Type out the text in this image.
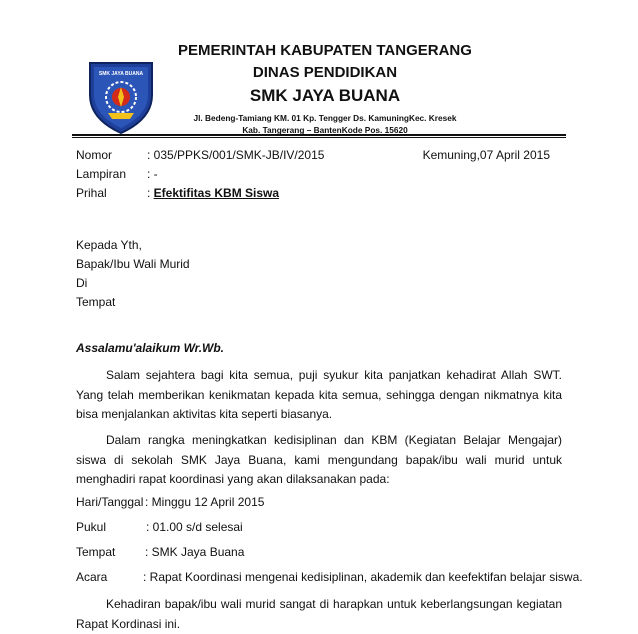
SMK JAYA BUANA
PEMERINTAH KABUPATEN TANGERANG
DINAS PENDIDIKAN
SMK JAYA BUANA
Jl. Bedeng-Tamiang KM. 01 Kp. Tengger Ds. KamuningKec. Kresek
Kab. Tangerang – BantenKode Pos. 15620
Nomor	: 035/PPKS/001/SMK-JB/IV/2015	Kemuning,07 April 2015
Lampiran : -
Prihal	: Efektifitas KBM Siswa
Kepada Yth,
Bapak/Ibu Wali Murid
Di
Tempat
Assalamu'alaikum Wr.Wb.
Salam sejahtera bagi kita semua, puji syukur kita panjatkan kehadirat Allah SWT. Yang telah memberikan kenikmatan kepada kita semua, sehingga dengan nikmatnya kita bisa menjalankan aktivitas kita seperti biasanya.
Dalam rangka meningkatkan kedisiplinan dan KBM (Kegiatan Belajar Mengajar) siswa di sekolah SMK Jaya Buana, kami mengundang bapak/ibu wali murid untuk menghadiri rapat koordinasi yang akan dilaksanakan pada:
Hari/Tanggal : Minggu 12 April 2015
Pukul	: 01.00 s/d selesai
Tempat : SMK Jaya Buana
Acara	: Rapat Koordinasi mengenai kedisiplinan, akademik dan keefektifan belajar siswa.
Kehadiran bapak/ibu wali murid sangat di harapkan untuk keberlangsungan kegiatan Rapat Kordinasi ini.
